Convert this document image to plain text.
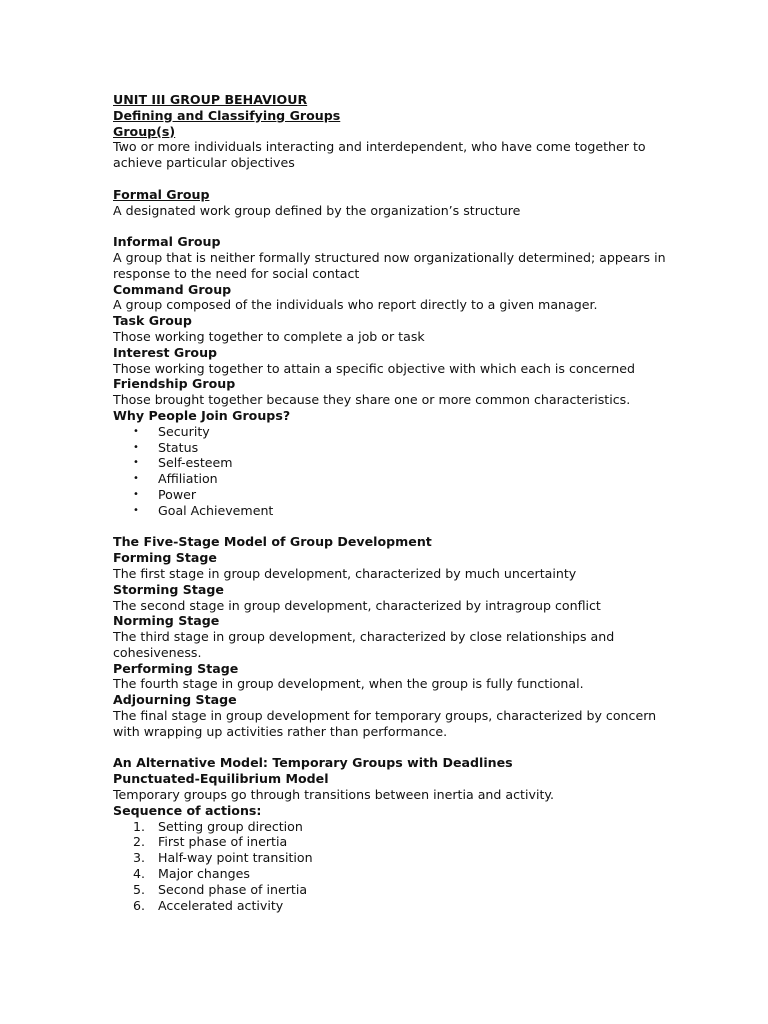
UNIT III GROUP BEHAVIOUR

Defining and Classifying Groups

Group(s)

Two or more individuals interacting and interdependent, who have come together to achieve particular objectives

Formal Group

A designated work group defined by the organization’s structure

Informal Group

A group that is neither formally structured now organizationally determined; appears in response to the need for social contact

Command Group

A group composed of the individuals who report directly to a given manager.

Task Group

Those working together to complete a job or task

Interest Group

Those working together to attain a specific objective with which each is concerned

Friendship Group

Those brought together because they share one or more common characteristics.

Why People Join Groups?

• Security
• Status
• Self-esteem
• Affiliation
• Power
• Goal Achievement

The Five-Stage Model of Group Development

Forming Stage

The first stage in group development, characterized by much uncertainty

Storming Stage

The second stage in group development, characterized by intragroup conflict

Norming Stage

The third stage in group development, characterized by close relationships and cohesiveness.

Performing Stage

The fourth stage in group development, when the group is fully functional.

Adjourning Stage

The final stage in group development for temporary groups, characterized by concern with wrapping up activities rather than performance.

An Alternative Model: Temporary Groups with Deadlines

Punctuated-Equilibrium Model

Temporary groups go through transitions between inertia and activity.

Sequence of actions:

1. Setting group direction
2. First phase of inertia
3. Half-way point transition
4. Major changes
5. Second phase of inertia
6. Accelerated activity
